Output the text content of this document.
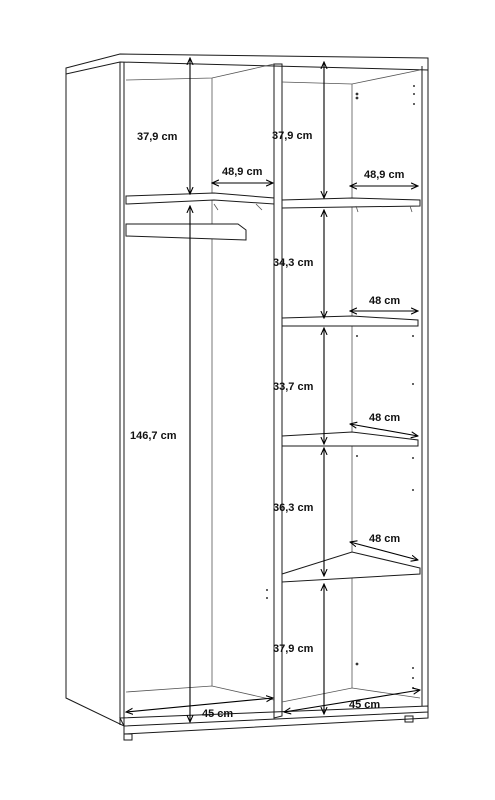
37,9 cm
48,9 cm
146,7 cm
45 cm
37,9 cm
48,9 cm
34,3 cm
48 cm
33,7 cm
48 cm
36,3 cm
48 cm
37,9 cm
45 cm
